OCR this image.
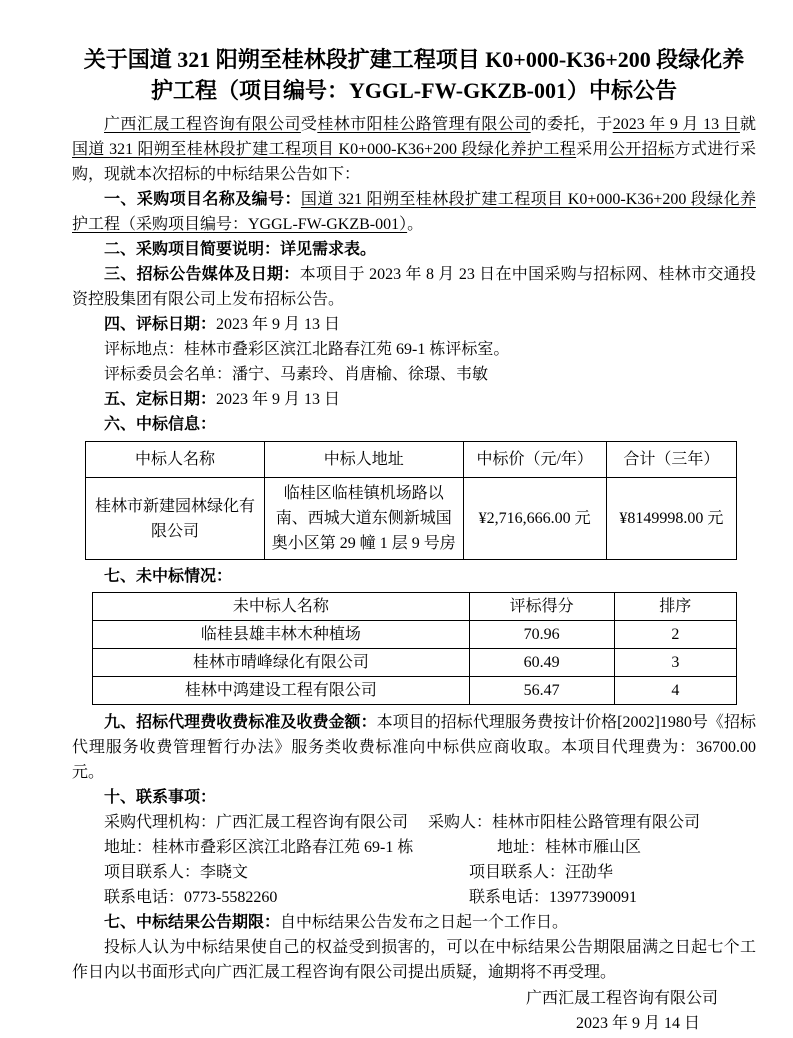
关于国道 321 阳朔至桂林段扩建工程项目 K0+000-K36+200 段绿化养
护工程（项目编号：YGGL-FW-GKZB-001）中标公告

广西汇晟工程咨询有限公司受桂林市阳桂公路管理有限公司的委托，于2023 年 9 月 13 日就国道 321 阳朔至桂林段扩建工程项目 K0+000-K36+200 段绿化养护工程采用公开招标方式进行采购，现就本次招标的中标结果公告如下：

一、采购项目名称及编号：国道 321 阳朔至桂林段扩建工程项目 K0+000-K36+200 段绿化养护工程（采购项目编号：YGGL-FW-GKZB-001）。

二、采购项目简要说明：详见需求表。

三、招标公告媒体及日期：本项目于 2023 年 8 月 23 日在中国采购与招标网、桂林市交通投资控股集团有限公司上发布招标公告。

四、评标日期：2023 年 9 月 13 日

评标地点：桂林市叠彩区滨江北路春江苑 69-1 栋评标室。

评标委员会名单：潘宁、马素玲、肖唐榆、徐璟、韦敏

五、定标日期：2023 年 9 月 13 日

六、中标信息：

中标人名称	中标人地址	中标价（元/年）	合计（三年）
桂林市新建园林绿化有限公司	临桂区临桂镇机场路以南、西城大道东侧新城国奥小区第 29 幢 1 层 9 号房	¥2,716,666.00 元	¥8149998.00 元

七、未中标情况：

未中标人名称	评标得分	排序
临桂县雄丰林木种植场	70.96	2
桂林市晴峰绿化有限公司	60.49	3
桂林中鸿建设工程有限公司	56.47	4

九、招标代理费收费标准及收费金额：本项目的招标代理服务费按计价格[2002]1980号《招标代理服务收费管理暂行办法》服务类收费标准向中标供应商收取。本项目代理费为：36700.00 元。

十、联系事项：

采购代理机构：广西汇晟工程咨询有限公司 采购人：桂林市阳桂公路管理有限公司
地址：桂林市叠彩区滨江北路春江苑 69-1 栋	地址：桂林市雁山区
项目联系人：李晓文	项目联系人：汪劭华
联系电话：0773-5582260	联系电话：13977390091

七、中标结果公告期限：自中标结果公告发布之日起一个工作日。

投标人认为中标结果使自己的权益受到损害的，可以在中标结果公告期限届满之日起七个工作日内以书面形式向广西汇晟工程咨询有限公司提出质疑，逾期将不再受理。

广西汇晟工程咨询有限公司
2023 年 9 月 14 日
